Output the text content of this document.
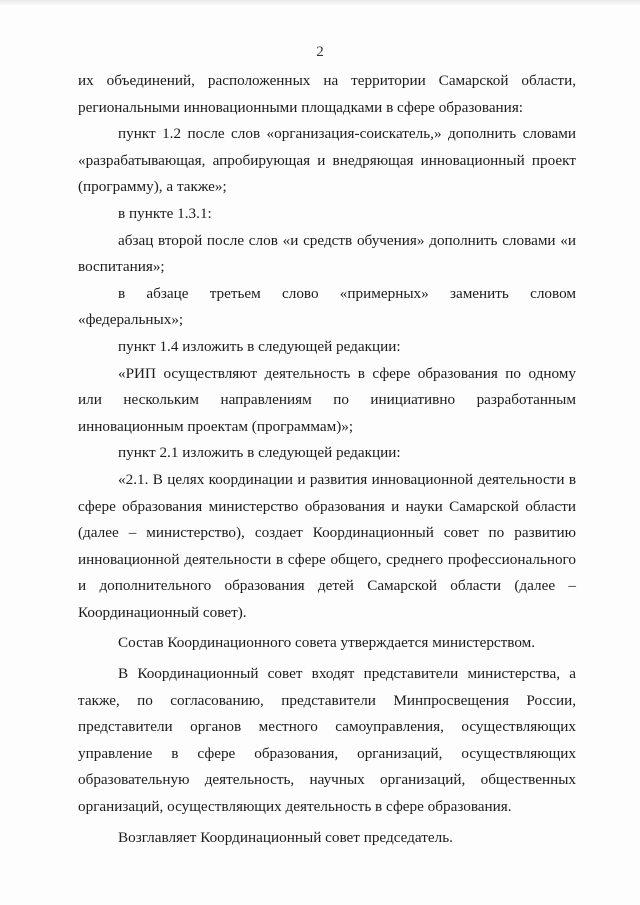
2

их объединений, расположенных на территории Самарской области, региональными инновационными площадками в сфере образования:

пункт 1.2 после слов «организация-соискатель,» дополнить словами «разрабатывающая, апробирующая и внедряющая инновационный проект (программу), а также»;

в пункте 1.3.1:

абзац второй после слов «и средств обучения» дополнить словами «и воспитания»;

в абзаце третьем слово «примерных» заменить словом «федеральных»;

пункт 1.4 изложить в следующей редакции:

«РИП осуществляют деятельность в сфере образования по одному или нескольким направлениям по инициативно разработанным инновационным проектам (программам)»;

пункт 2.1 изложить в следующей редакции:

«2.1. В целях координации и развития инновационной деятельности в сфере образования министерство образования и науки Самарской области (далее – министерство), создает Координационный совет по развитию инновационной деятельности в сфере общего, среднего профессионального и дополнительного образования детей Самарской области (далее – Координационный совет).

Состав Координационного совета утверждается министерством.

В Координационный совет входят представители министерства, а также, по согласованию, представители Минпросвещения России, представители органов местного самоуправления, осуществляющих управление в сфере образования, организаций, осуществляющих образовательную деятельность, научных организаций, общественных организаций, осуществляющих деятельность в сфере образования.

Возглавляет Координационный совет председатель.
